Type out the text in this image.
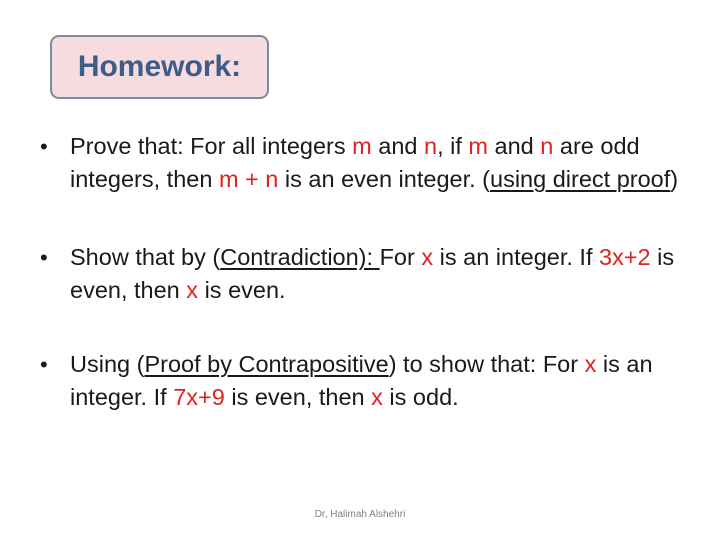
Homework:
• Prove that: For all integers m and n, if m and n are odd integers, then m + n is an even integer. (using direct proof)
• Show that by (Contradiction): For x is an integer. If 3x+2 is even, then x is even.
• Using (Proof by Contrapositive) to show that: For x is an integer. If 7x+9 is even, then x is odd.
Dr, Halimah Alshehri
